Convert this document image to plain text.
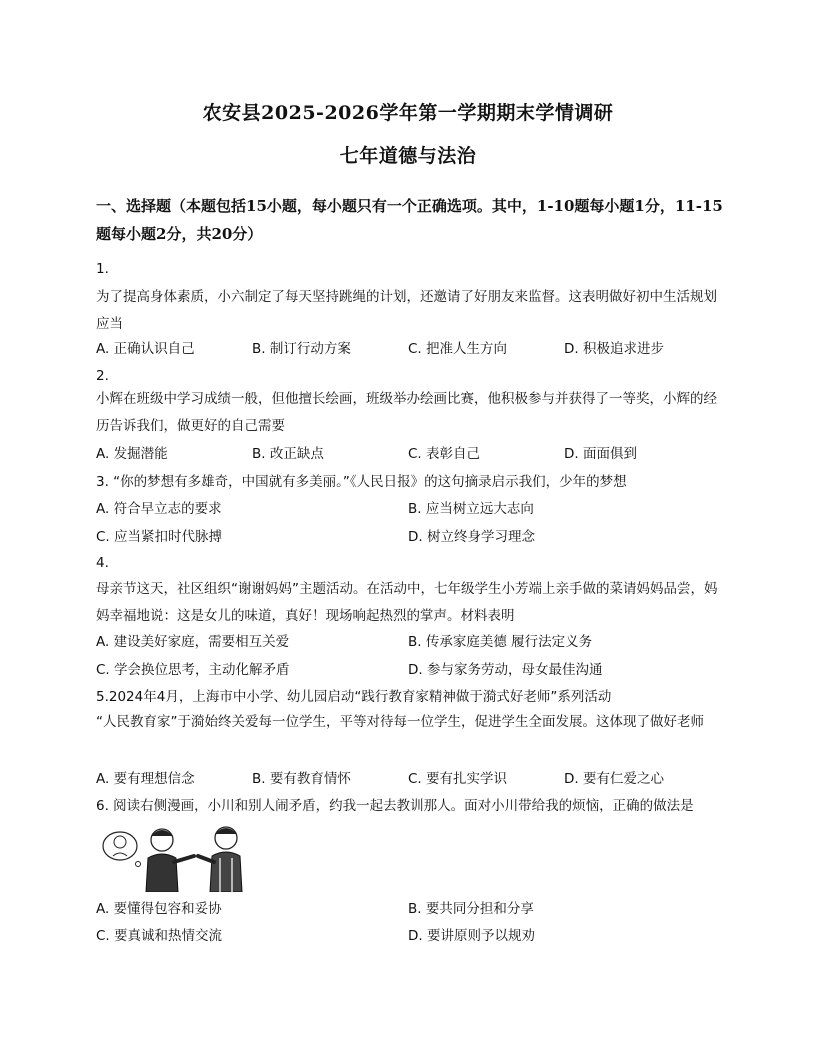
农安县2025-2026学年第一学期期末学情调研
七年道德与法治
一、选择题（本题包括15小题，每小题只有一个正确选项。其中，1-10题每小题1分，11-15题每小题2分，共20分）
1.
为了提高身体素质，小六制定了每天坚持跳绳的计划，还邀请了好朋友来监督。这表明做好初中生活规划应当
A. 正确认识自己	B. 制订行动方案	C. 把准人生方向	D. 积极追求进步
2.
小辉在班级中学习成绩一般，但他擅长绘画，班级举办绘画比赛，他积极参与并获得了一等奖，小辉的经历告诉我们，做更好的自己需要
A. 发掘潜能	B. 改正缺点	C. 表彰自己	D. 面面俱到
3. “你的梦想有多雄奇，中国就有多美丽。”《人民日报》的这句摘录启示我们，少年的梦想
A. 符合早立志的要求	B. 应当树立远大志向
C. 应当紧扣时代脉搏	D. 树立终身学习理念
4.
母亲节这天，社区组织“谢谢妈妈”主题活动。在活动中，七年级学生小芳端上亲手做的菜请妈妈品尝，妈妈幸福地说：这是女儿的味道，真好！现场响起热烈的掌声。材料表明
A. 建设美好家庭，需要相互关爱	B. 传承家庭美德 履行法定义务
C. 学会换位思考，主动化解矛盾	D. 参与家务劳动，母女最佳沟通
5.2024年4月，上海市中小学、幼儿园启动“践行教育家精神做于漪式好老师”系列活动
“人民教育家”于漪始终关爱每一位学生，平等对待每一位学生，促进学生全面发展。这体现了做好老师
A. 要有理想信念	B. 要有教育情怀	C. 要有扎实学识	D. 要有仁爱之心
6. 阅读右侧漫画，小川和别人闹矛盾，约我一起去教训那人。面对小川带给我的烦恼，正确的做法是
A. 要懂得包容和妥协	B. 要共同分担和分享
C. 要真诚和热情交流	D. 要讲原则予以规劝
